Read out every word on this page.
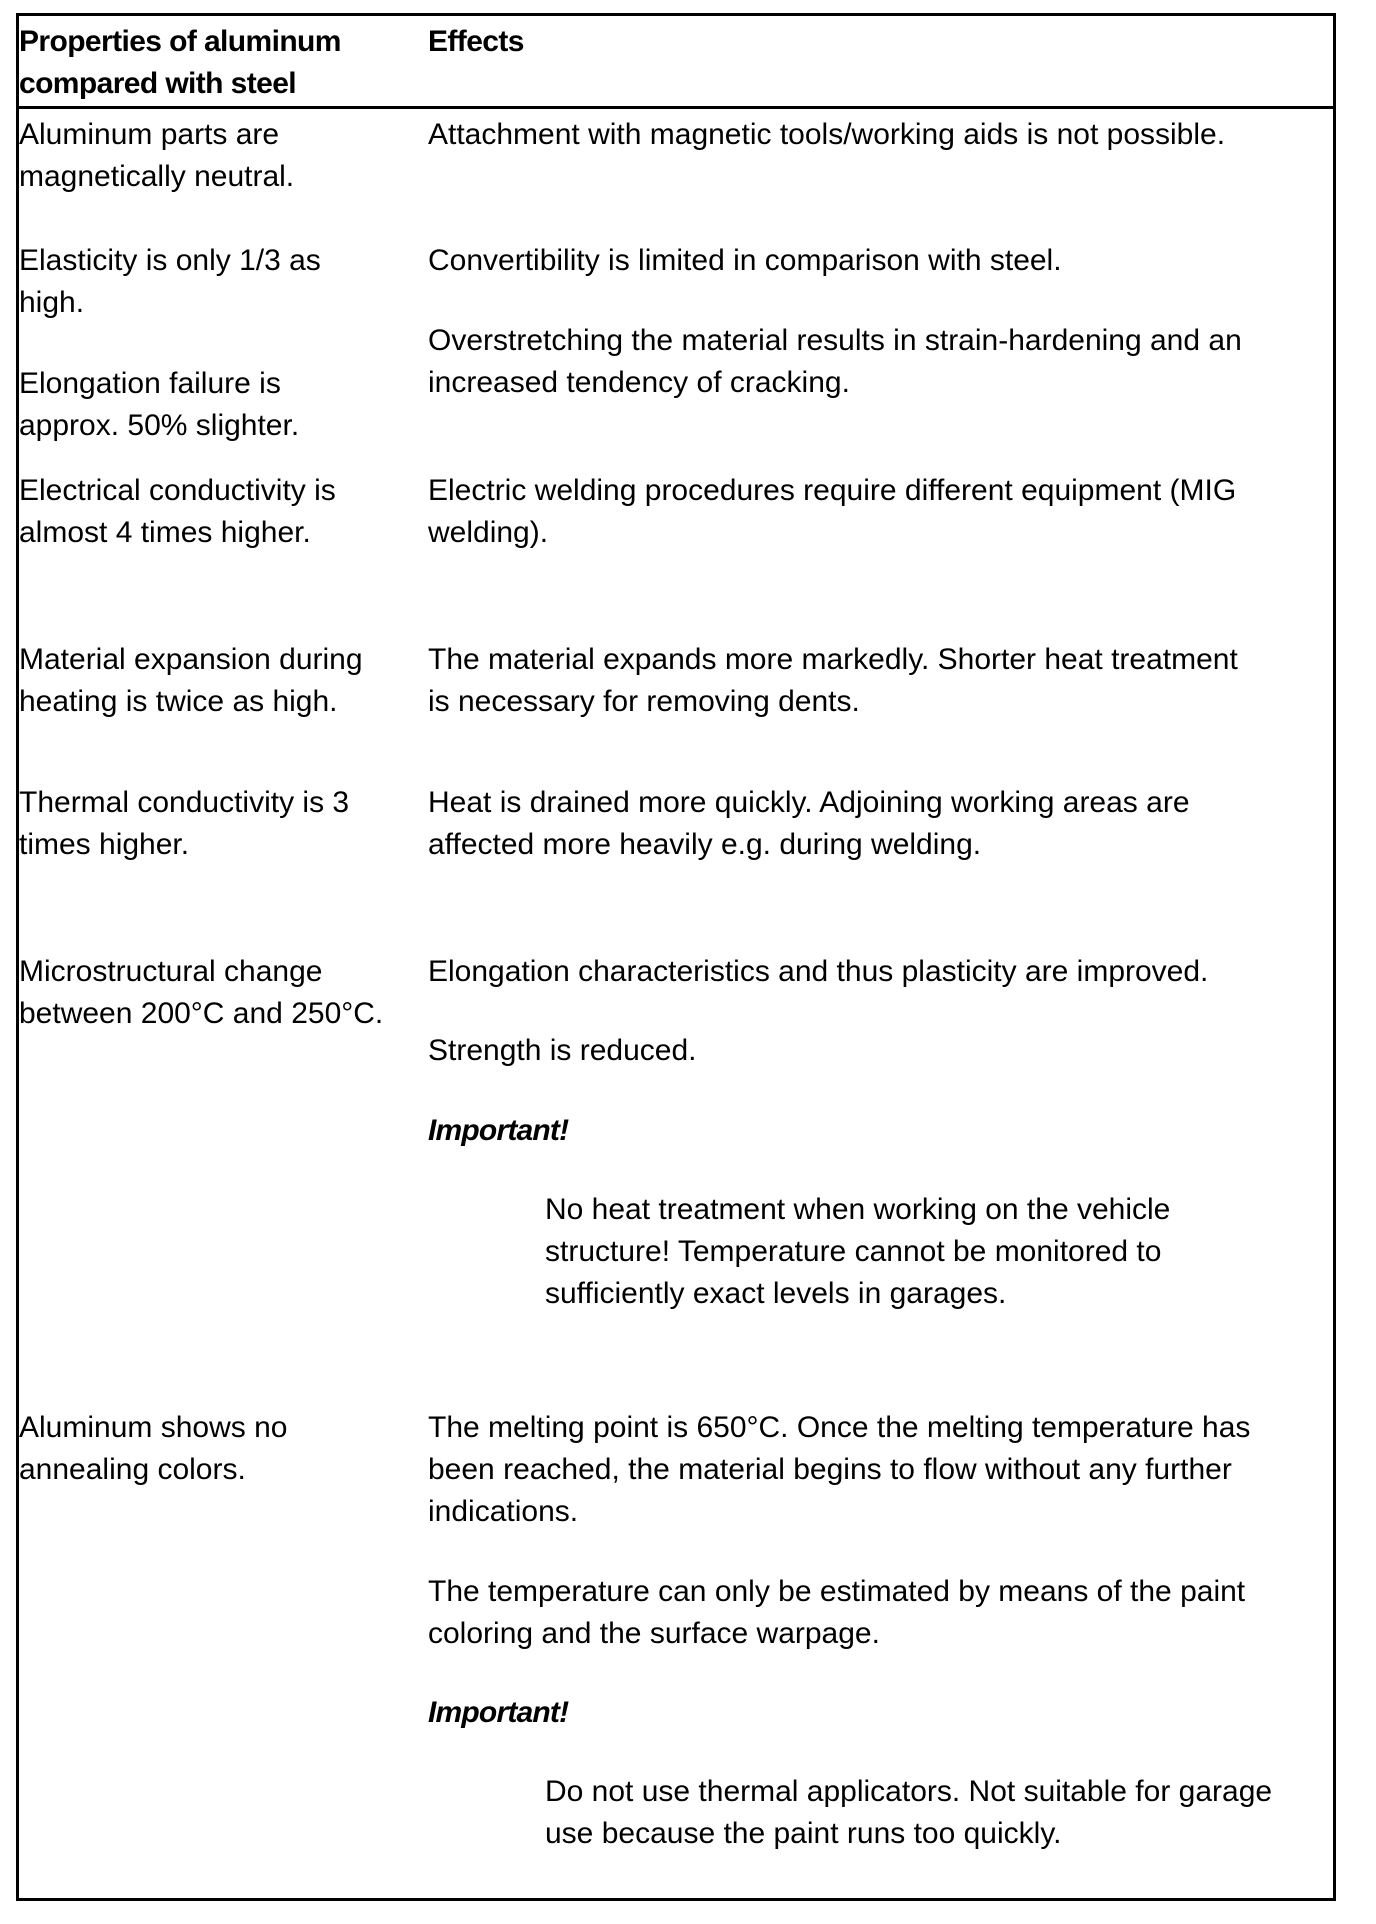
Properties of aluminum
compared with steel
Effects
Aluminum parts are
magnetically neutral.
Attachment with magnetic tools/working aids is not possible.
Elasticity is only 1/3 as
high.
Convertibility is limited in comparison with steel.
Elongation failure is
approx. 50% slighter.
Overstretching the material results in strain-hardening and an
increased tendency of cracking.
Electrical conductivity is
almost 4 times higher.
Electric welding procedures require different equipment (MIG
welding).
Material expansion during
heating is twice as high.
The material expands more markedly. Shorter heat treatment
is necessary for removing dents.
Thermal conductivity is 3
times higher.
Heat is drained more quickly. Adjoining working areas are
affected more heavily e.g. during welding.
Microstructural change
between 200°C and 250°C.
Elongation characteristics and thus plasticity are improved.
Strength is reduced.
Important!
No heat treatment when working on the vehicle
structure! Temperature cannot be monitored to
sufficiently exact levels in garages.
Aluminum shows no
annealing colors.
The melting point is 650°C. Once the melting temperature has
been reached, the material begins to flow without any further
indications.
The temperature can only be estimated by means of the paint
coloring and the surface warpage.
Important!
Do not use thermal applicators. Not suitable for garage
use because the paint runs too quickly.
